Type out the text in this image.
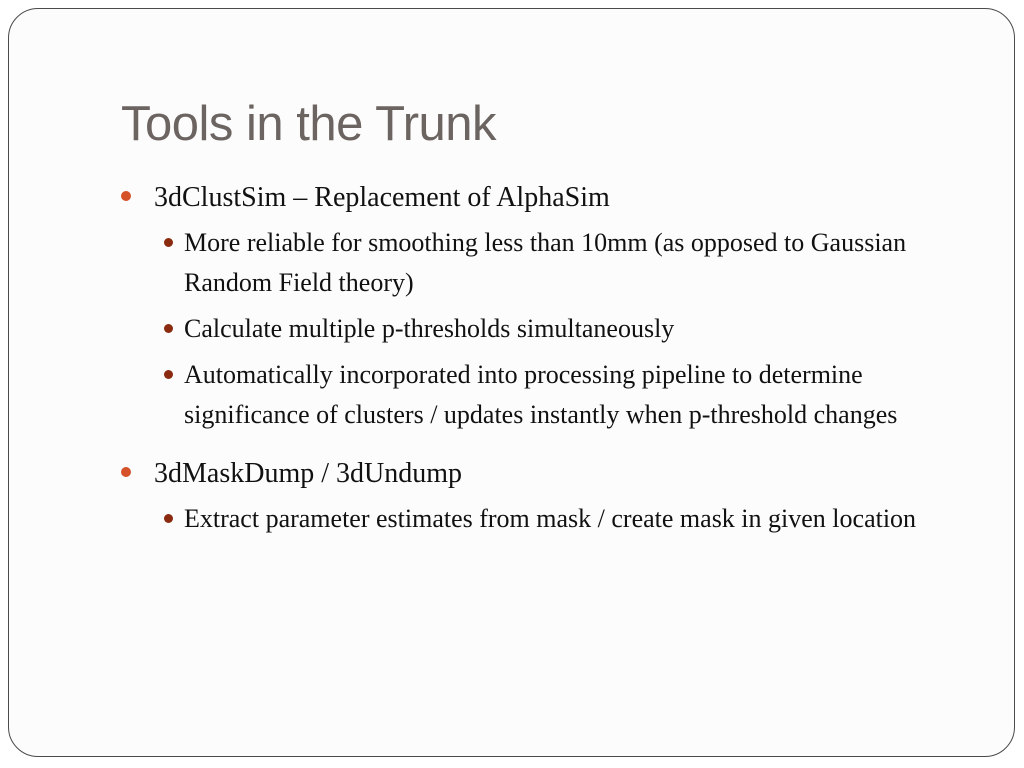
Tools in the Trunk
3dClustSim – Replacement of AlphaSim
More reliable for smoothing less than 10mm (as opposed to Gaussian Random Field theory)
Calculate multiple p-thresholds simultaneously
Automatically incorporated into processing pipeline to determine significance of clusters / updates instantly when p-threshold changes
3dMaskDump / 3dUndump
Extract parameter estimates from mask / create mask in given location
